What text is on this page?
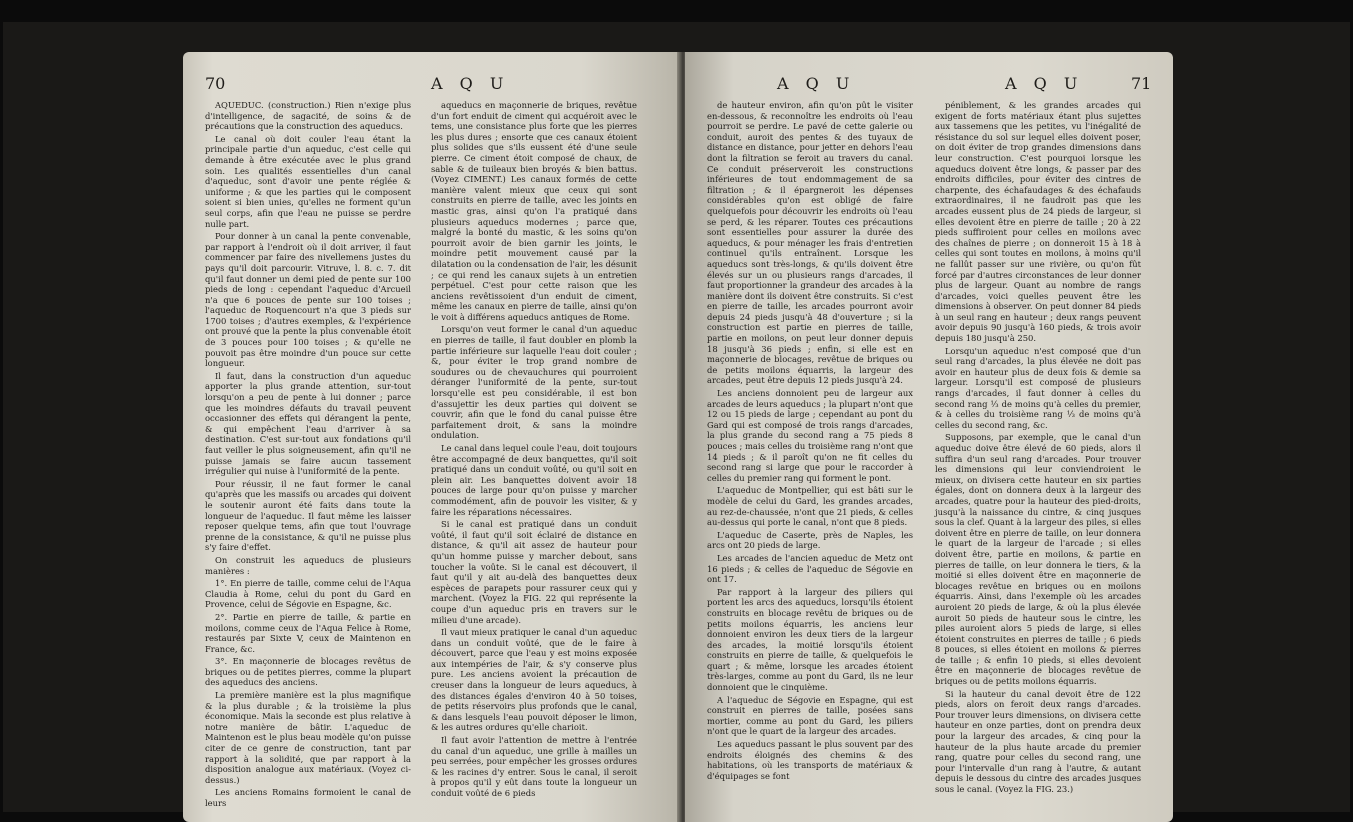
70	A Q U

AQUEDUC. (construction.) Rien n'exige plus d'intelligence, de sagacité, de soins & de précautions que la construction des aqueducs.

Le canal où doit couler l'eau étant la principale partie d'un aqueduc, c'est celle qui demande à être exécutée avec le plus grand soin. Les qualités essentielles d'un canal d'aqueduc, sont d'avoir une pente réglée & uniforme ; & que les parties qui le composent soient si bien unies, qu'elles ne forment qu'un seul corps, afin que l'eau ne puisse se perdre nulle part.

Pour donner à un canal la pente convenable, par rapport à l'endroit où il doit arriver, il faut commencer par faire des nivellemens justes du pays qu'il doit parcourir. Vitruve, l. 8. c. 7. dit qu'il faut donner un demi pied de pente sur 100 pieds de long : cependant l'aqueduc d'Arcueil n'a que 6 pouces de pente sur 100 toises ; l'aqueduc de Roquencourt n'a que 3 pieds sur 1700 toises ; d'autres exemples, & l'expérience ont prouvé que la pente la plus convenable étoit de 3 pouces pour 100 toises ; & qu'elle ne pouvoit pas être moindre d'un pouce sur cette longueur.

Il faut, dans la construction d'un aqueduc apporter la plus grande attention, sur-tout lorsqu'on a peu de pente à lui donner ; parce que les moindres défauts du travail peuvent occasionner des effets qui dérangent la pente, & qui empêchent l'eau d'arriver à sa destination. C'est sur-tout aux fondations qu'il faut veiller le plus soigneusement, afin qu'il ne puisse jamais se faire aucun tassement irrégulier qui nuise à l'uniformité de la pente.

Pour réussir, il ne faut former le canal qu'après que les massifs ou arcades qui doivent le soutenir auront été faits dans toute la longueur de l'aqueduc. Il faut même les laisser reposer quelque tems, afin que tout l'ouvrage prenne de la consistance, & qu'il ne puisse plus s'y faire d'effet.

On construit les aqueducs de plusieurs manières :

1°. En pierre de taille, comme celui de l'Aqua Claudia à Rome, celui du pont du Gard en Provence, celui de Ségovie en Espagne, &c.

2°. Partie en pierre de taille, & partie en moilons, comme ceux de l'Aqua Felice à Rome, restaurés par Sixte V, ceux de Maintenon en France, &c.

3°. En maçonnerie de blocages revêtus de briques ou de petites pierres, comme la plupart des aqueducs des anciens.

La première manière est la plus magnifique & la plus durable ; & la troisième la plus économique. Mais la seconde est plus relative à notre manière de bâtir. L'aqueduc de Maintenon est le plus beau modèle qu'on puisse citer de ce genre de construction, tant par rapport à la solidité, que par rapport à la disposition analogue aux matériaux. (Voyez ci-dessus.)

Les anciens Romains formoient le canal de leurs

aqueducs en maçonnerie de briques, revêtue d'un fort enduit de ciment qui acquéroit avec le tems, une consistance plus forte que les pierres les plus dures ; ensorte que ces canaux étoient plus solides que s'ils eussent été d'une seule pierre. Ce ciment étoit composé de chaux, de sable & de tuileaux bien broyés & bien battus. (Voyez CIMENT.) Les canaux formés de cette manière valent mieux que ceux qui sont construits en pierre de taille, avec les joints en mastic gras, ainsi qu'on l'a pratiqué dans plusieurs aqueducs modernes ; parce que, malgré la bonté du mastic, & les soins qu'on pourroit avoir de bien garnir les joints, le moindre petit mouvement causé par la dilatation ou la condensation de l'air, les désunit ; ce qui rend les canaux sujets à un entretien perpétuel. C'est pour cette raison que les anciens revêtissoient d'un enduit de ciment, même les canaux en pierre de taille, ainsi qu'on le voit à différens aqueducs antiques de Rome.

Lorsqu'on veut former le canal d'un aqueduc en pierres de taille, il faut doubler en plomb la partie inférieure sur laquelle l'eau doit couler ; &, pour éviter le trop grand nombre de soudures ou de chevauchures qui pourroient déranger l'uniformité de la pente, sur-tout lorsqu'elle est peu considérable, il est bon d'assujettir les deux parties qui doivent se couvrir, afin que le fond du canal puisse être parfaitement droit, & sans la moindre ondulation.

Le canal dans lequel coule l'eau, doit toujours être accompagné de deux banquettes, qu'il soit pratiqué dans un conduit voûté, ou qu'il soit en plein air. Les banquettes doivent avoir 18 pouces de large pour qu'on puisse y marcher commodément, afin de pouvoir les visiter, & y faire les réparations nécessaires.

Si le canal est pratiqué dans un conduit voûté, il faut qu'il soit éclairé de distance en distance, & qu'il ait assez de hauteur pour qu'un homme puisse y marcher debout, sans toucher la voûte. Si le canal est découvert, il faut qu'il y ait au-delà des banquettes deux espèces de parapets pour rassurer ceux qui y marchent. (Voyez la FIG. 22 qui représente la coupe d'un aqueduc pris en travers sur le milieu d'une arcade).

Il vaut mieux pratiquer le canal d'un aqueduc dans un conduit voûté, que de le faire à découvert, parce que l'eau y est moins exposée aux intempéries de l'air, & s'y conserve plus pure. Les anciens avoient la précaution de creuser dans la longueur de leurs aqueducs, à des distances égales d'environ 40 à 50 toises, de petits réservoirs plus profonds que le canal, & dans lesquels l'eau pouvoit déposer le limon, & les autres ordures qu'elle charioit.

Il faut avoir l'attention de mettre à l'entrée du canal d'un aqueduc, une grille à mailles un peu serrées, pour empêcher les grosses ordures & les racines d'y entrer. Sous le canal, il seroit à propos qu'il y eût dans toute la longueur un conduit voûté de 6 pieds

A Q U	A Q U	71

de hauteur environ, afin qu'on pût le visiter en-dessous, & reconnoître les endroits où l'eau pourroit se perdre. Le pavé de cette galerie ou conduit, auroit des pentes & des tuyaux de distance en distance, pour jetter en dehors l'eau dont la filtration se feroit au travers du canal. Ce conduit préserveroit les constructions inférieures de tout endommagement de sa filtration ; & il épargneroit les dépenses considérables qu'on est obligé de faire quelquefois pour découvrir les endroits où l'eau se perd, & les réparer. Toutes ces précautions sont essentielles pour assurer la durée des aqueducs, & pour ménager les frais d'entretien continuel qu'ils entraînent. Lorsque les aqueducs sont très-longs, & qu'ils doivent être élevés sur un ou plusieurs rangs d'arcades, il faut proportionner la grandeur des arcades à la manière dont ils doivent être construits. Si c'est en pierre de taille, les arcades pourront avoir depuis 24 pieds jusqu'à 48 d'ouverture ; si la construction est partie en pierres de taille, partie en moilons, on peut leur donner depuis 18 jusqu'à 36 pieds ; enfin, si elle est en maçonnerie de blocages, revêtue de briques ou de petits moilons équarris, la largeur des arcades, peut être depuis 12 pieds jusqu'à 24.

Les anciens donnoient peu de largeur aux arcades de leurs aqueducs ; la plupart n'ont que 12 ou 15 pieds de large ; cependant au pont du Gard qui est composé de trois rangs d'arcades, la plus grande du second rang a 75 pieds 8 pouces ; mais celles du troisième rang n'ont que 14 pieds ; & il paroît qu'on ne fit celles du second rang si large que pour le raccorder à celles du premier rang qui forment le pont.

L'aqueduc de Montpellier, qui est bâti sur le modèle de celui du Gard, les grandes arcades, au rez-de-chaussée, n'ont que 21 pieds, & celles au-dessus qui porte le canal, n'ont que 8 pieds.

L'aqueduc de Caserte, près de Naples, les arcs ont 20 pieds de large.

Les arcades de l'ancien aqueduc de Metz ont 16 pieds ; & celles de l'aqueduc de Ségovie en ont 17.

Par rapport à la largeur des piliers qui portent les arcs des aqueducs, lorsqu'ils étoient construits en blocage revêtu de briques ou de petits moilons équarris, les anciens leur donnoient environ les deux tiers de la largeur des arcades, la moitié lorsqu'ils étoient construits en pierre de taille, & quelquefois le quart ; & même, lorsque les arcades étoient très-larges, comme au pont du Gard, ils ne leur donnoient que le cinquième.

A l'aqueduc de Ségovie en Espagne, qui est construit en pierres de taille, posées sans mortier, comme au pont du Gard, les piliers n'ont que le quart de la largeur des arcades.

Les aqueducs passant le plus souvent par des endroits éloignés des chemins & des habitations, où les transports de matériaux & d'équipages se font

péniblement, & les grandes arcades qui exigent de forts matériaux étant plus sujettes aux tassemens que les petites, vu l'inégalité de résistance du sol sur lequel elles doivent poser, on doit éviter de trop grandes dimensions dans leur construction. C'est pourquoi lorsque les aqueducs doivent être longs, & passer par des endroits difficiles, pour éviter des cintres de charpente, des échafaudages & des échafauds extraordinaires, il ne faudroit pas que les arcades eussent plus de 24 pieds de largeur, si elles devoient être en pierre de taille ; 20 à 22 pieds suffiroient pour celles en moilons avec des chaînes de pierre ; on donneroit 15 à 18 à celles qui sont toutes en moilons, à moins qu'il ne fallût passer sur une rivière, ou qu'on fût forcé par d'autres circonstances de leur donner plus de largeur. Quant au nombre de rangs d'arcades, voici quelles peuvent être les dimensions à observer. On peut donner 84 pieds à un seul rang en hauteur ; deux rangs peuvent avoir depuis 90 jusqu'à 160 pieds, & trois avoir depuis 180 jusqu'à 250.

Lorsqu'un aqueduc n'est composé que d'un seul rang d'arcades, la plus élevée ne doit pas avoir en hauteur plus de deux fois & demie sa largeur. Lorsqu'il est composé de plusieurs rangs d'arcades, il faut donner à celles du second rang ⅓ de moins qu'à celles du premier, & à celles du troisième rang ⅓ de moins qu'à celles du second rang, &c.

Supposons, par exemple, que le canal d'un aqueduc doive être élevé de 60 pieds, alors il suffira d'un seul rang d'arcades. Pour trouver les dimensions qui leur conviendroient le mieux, on divisera cette hauteur en six parties égales, dont on donnera deux à la largeur des arcades, quatre pour la hauteur des pied-droits, jusqu'à la naissance du cintre, & cinq jusques sous la clef. Quant à la largeur des piles, si elles doivent être en pierre de taille, on leur donnera le quart de la largeur de l'arcade ; si elles doivent être, partie en moilons, & partie en pierres de taille, on leur donnera le tiers, & la moitié si elles doivent être en maçonnerie de blocages revêtue en briques ou en moilons équarris. Ainsi, dans l'exemple où les arcades auroient 20 pieds de large, & où la plus élevée auroit 50 pieds de hauteur sous le cintre, les piles auroient alors 5 pieds de large, si elles étoient construites en pierres de taille ; 6 pieds 8 pouces, si elles étoient en moilons & pierres de taille ; & enfin 10 pieds, si elles devoient être en maçonnerie de blocages revêtue de briques ou de petits moilons équarris.

Si la hauteur du canal devoit être de 122 pieds, alors on feroit deux rangs d'arcades. Pour trouver leurs dimensions, on divisera cette hauteur en onze parties, dont on prendra deux pour la largeur des arcades, & cinq pour la hauteur de la plus haute arcade du premier rang, quatre pour celles du second rang, une pour l'intervalle d'un rang à l'autre, & autant depuis le dessous du cintre des arcades jusques sous le canal. (Voyez la FIG. 23.)
